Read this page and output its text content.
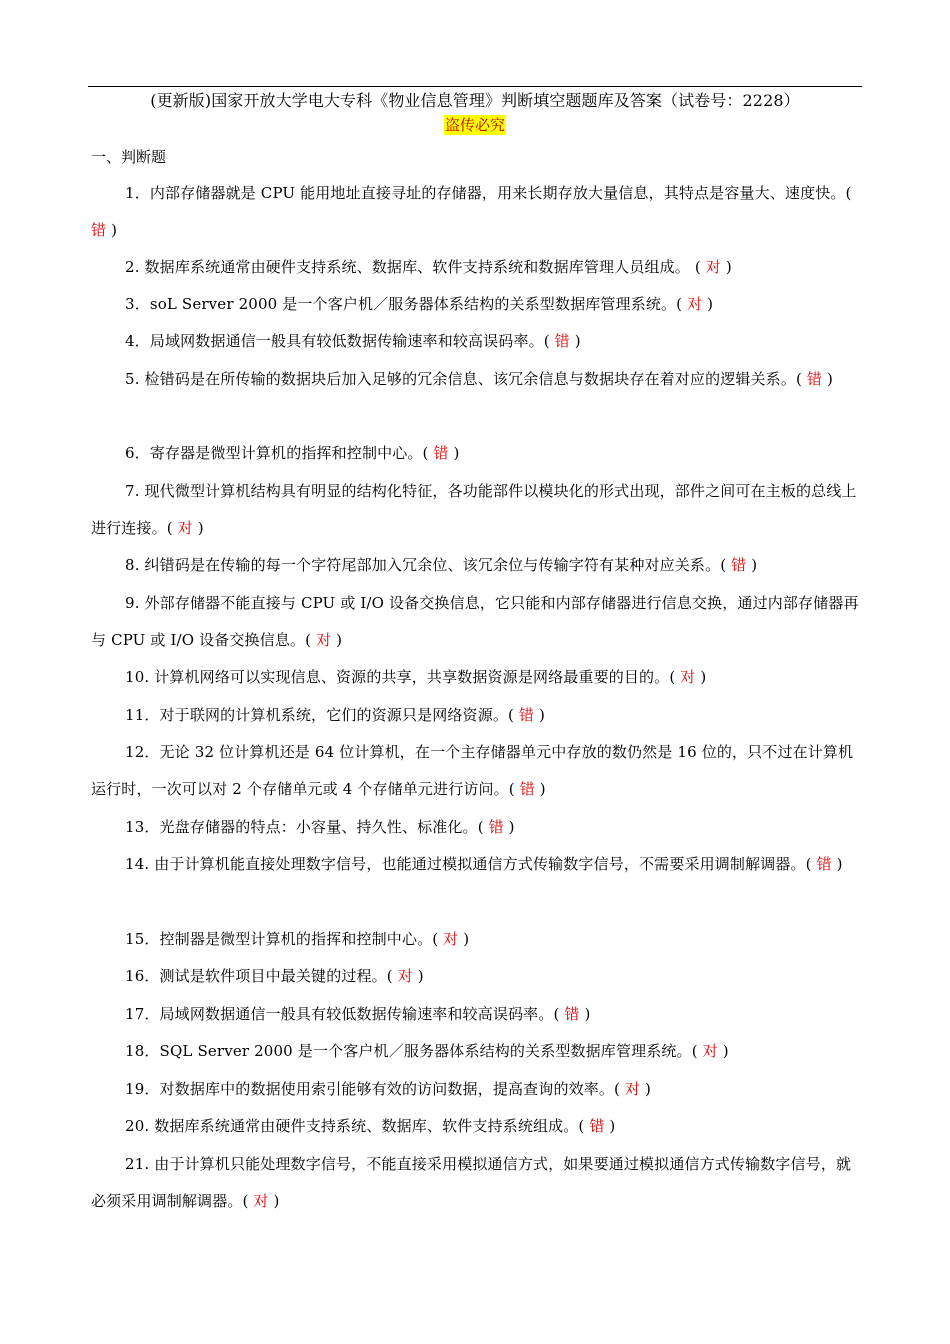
(更新版)国家开放大学电大专科《物业信息管理》判断填空题题库及答案（试卷号：2228）
盗传必究
一、判断题
1．内部存储器就是 CPU 能用地址直接寻址的存储器，用来长期存放大量信息，其特点是容量大、速度快。( 错 )
2. 数据库系统通常由硬件支持系统、数据库、软件支持系统和数据库管理人员组成。 ( 对 )
3．soL Server 2000 是一个客户机／服务器体系结构的关系型数据库管理系统。( 对 )
4．局域网数据通信一般具有较低数据传输速率和较高误码率。( 错 )
5. 检错码是在所传输的数据块后加入足够的冗余信息、该冗余信息与数据块存在着对应的逻辑关系。( 错 )
6．寄存器是微型计算机的指挥和控制中心。( 错 )
7. 现代微型计算机结构具有明显的结构化特征，各功能部件以模块化的形式出现，部件之间可在主板的总线上进行连接。( 对 )
8. 纠错码是在传输的每一个字符尾部加入冗余位、该冗余位与传输字符有某种对应关系。( 错 )
9. 外部存储器不能直接与 CPU 或 I/O 设备交换信息，它只能和内部存储器进行信息交换，通过内部存储器再与 CPU 或 I/O 设备交换信息。( 对 )
10. 计算机网络可以实现信息、资源的共享，共享数据资源是网络最重要的目的。( 对 )
11．对于联网的计算机系统，它们的资源只是网络资源。( 错 )
12．无论 32 位计算机还是 64 位计算机，在一个主存储器单元中存放的数仍然是 16 位的，只不过在计算机运行时，一次可以对 2 个存储单元或 4 个存储单元进行访问。( 错 )
13．光盘存储器的特点：小容量、持久性、标准化。( 错 )
14. 由于计算机能直接处理数字信号，也能通过模拟通信方式传输数字信号，不需要采用调制解调器。( 错 )
15．控制器是微型计算机的指挥和控制中心。( 对 )
16．测试是软件项目中最关键的过程。( 对 )
17．局域网数据通信一般具有较低数据传输速率和较高误码率。( 错 )
18．SQL Server 2000 是一个客户机／服务器体系结构的关系型数据库管理系统。( 对 )
19．对数据库中的数据使用索引能够有效的访问数据，提高查询的效率。( 对 )
20. 数据库系统通常由硬件支持系统、数据库、软件支持系统组成。( 错 )
21. 由于计算机只能处理数字信号，不能直接采用模拟通信方式，如果要通过模拟通信方式传输数字信号，就必须采用调制解调器。( 对 )
